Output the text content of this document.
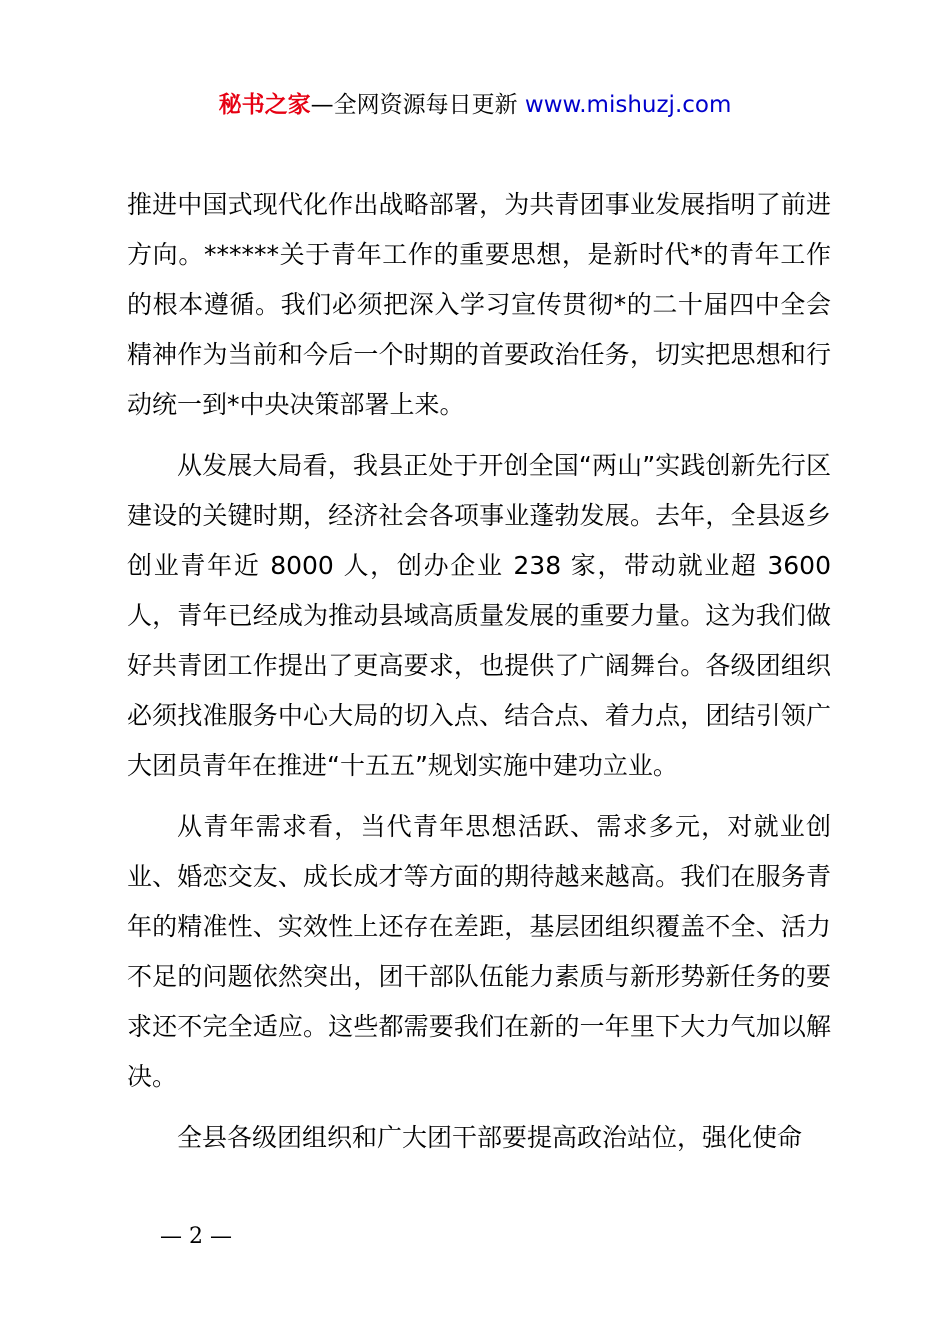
秘书之家—全网资源每日更新 www.mishuzj.com

推进中国式现代化作出战略部署，为共青团事业发展指明了前进方向。******关于青年工作的重要思想，是新时代*的青年工作的根本遵循。我们必须把深入学习宣传贯彻*的二十届四中全会精神作为当前和今后一个时期的首要政治任务，切实把思想和行动统一到*中央决策部署上来。

从发展大局看，我县正处于开创全国“两山”实践创新先行区建设的关键时期，经济社会各项事业蓬勃发展。去年，全县返乡创业青年近 8000 人，创办企业 238 家，带动就业超 3600 人，青年已经成为推动县域高质量发展的重要力量。这为我们做好共青团工作提出了更高要求，也提供了广阔舞台。各级团组织必须找准服务中心大局的切入点、结合点、着力点，团结引领广大团员青年在推进“十五五”规划实施中建功立业。

从青年需求看，当代青年思想活跃、需求多元，对就业创业、婚恋交友、成长成才等方面的期待越来越高。我们在服务青年的精准性、实效性上还存在差距，基层团组织覆盖不全、活力不足的问题依然突出，团干部队伍能力素质与新形势新任务的要求还不完全适应。这些都需要我们在新的一年里下大力气加以解决。

全县各级团组织和广大团干部要提高政治站位，强化使命

— 2 —
